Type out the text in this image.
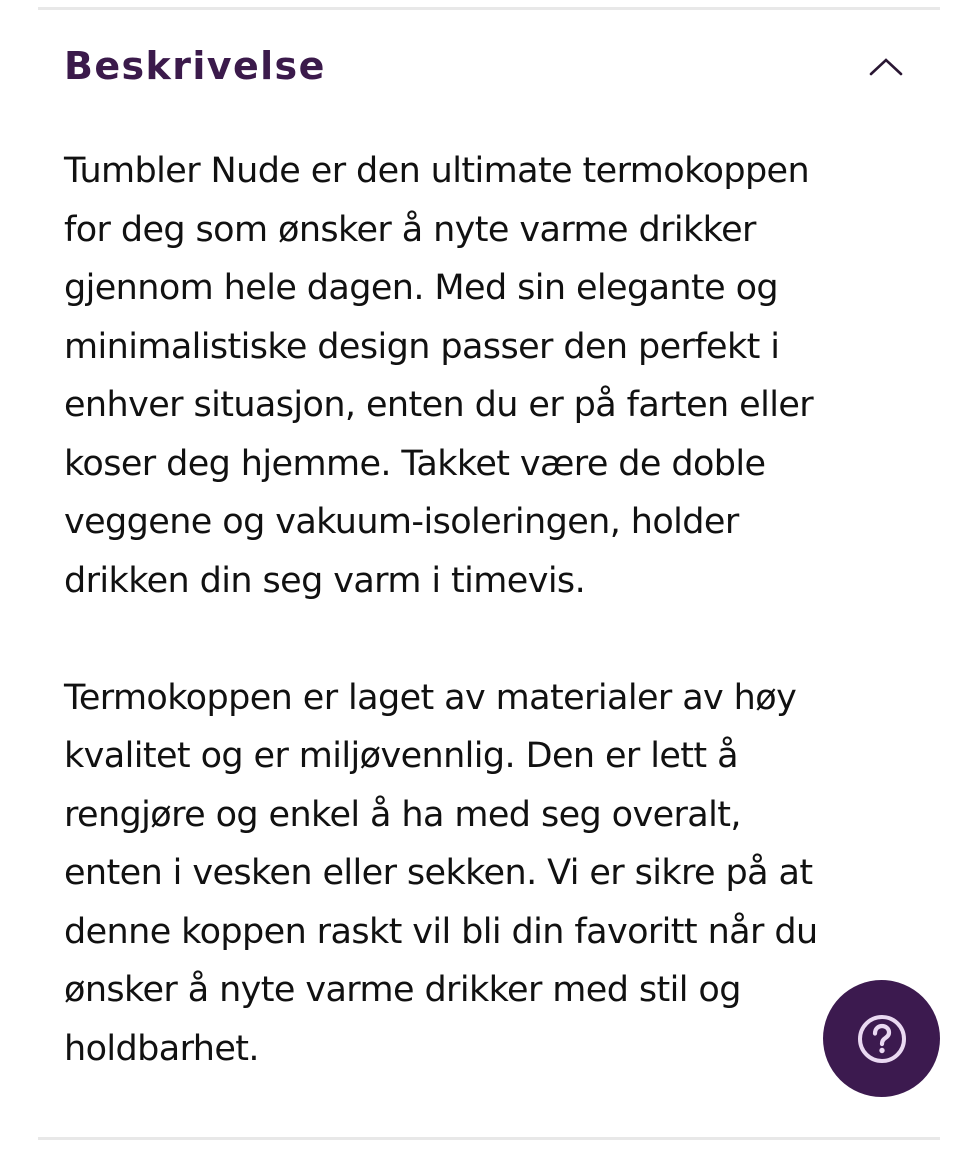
Beskrivelse

Tumbler Nude er den ultimate termokoppen
for deg som ønsker å nyte varme drikker
gjennom hele dagen. Med sin elegante og
minimalistiske design passer den perfekt i
enhver situasjon, enten du er på farten eller
koser deg hjemme. Takket være de doble
veggene og vakuum-isoleringen, holder
drikken din seg varm i timevis.

Termokoppen er laget av materialer av høy
kvalitet og er miljøvennlig. Den er lett å
rengjøre og enkel å ha med seg overalt,
enten i vesken eller sekken. Vi er sikre på at
denne koppen raskt vil bli din favoritt når du
ønsker å nyte varme drikker med stil og
holdbarhet.
